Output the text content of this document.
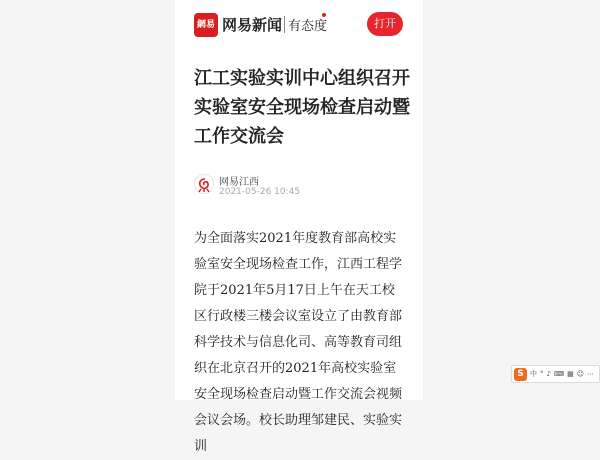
網易 网易新闻 有态度	打开
江工实验实训中心组织召开实验室安全现场检查启动暨工作交流会
网易江西
2021-05-26 10:45

为全面落实2021年度教育部高校实验室安全现场检查工作，江西工程学院于2021年5月17日上午在天工校区行政楼三楼会议室设立了由教育部科学技术与信息化司、高等教育司组织在北京召开的2021年高校实验室安全现场检查启动暨工作交流会视频会议会场。校长助理邹建民、实验实训

S 中 ° ♪ ⌨ ▦ ☺ ⋯
